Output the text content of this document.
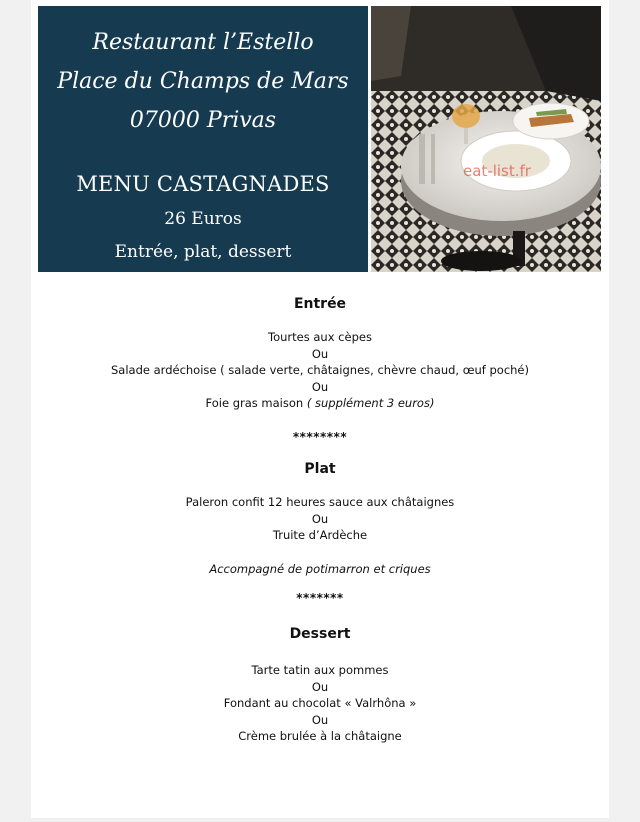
Restaurant l’Estello
Place du Champs de Mars
07000 Privas
MENU CASTAGNADES
26 Euros
Entrée, plat, dessert
eat-list.fr
Entrée
Tourtes aux cèpes
Ou
Salade ardéchoise ( salade verte, châtaignes, chèvre chaud, œuf poché)
Ou
Foie gras maison ( supplément 3 euros)
********
Plat
Paleron confit 12 heures sauce aux châtaignes
Ou
Truite d’Ardèche
Accompagné de potimarron et criques
*******
Dessert
Tarte tatin aux pommes
Ou
Fondant au chocolat « Valrhôna »
Ou
Crème brulée à la châtaigne
